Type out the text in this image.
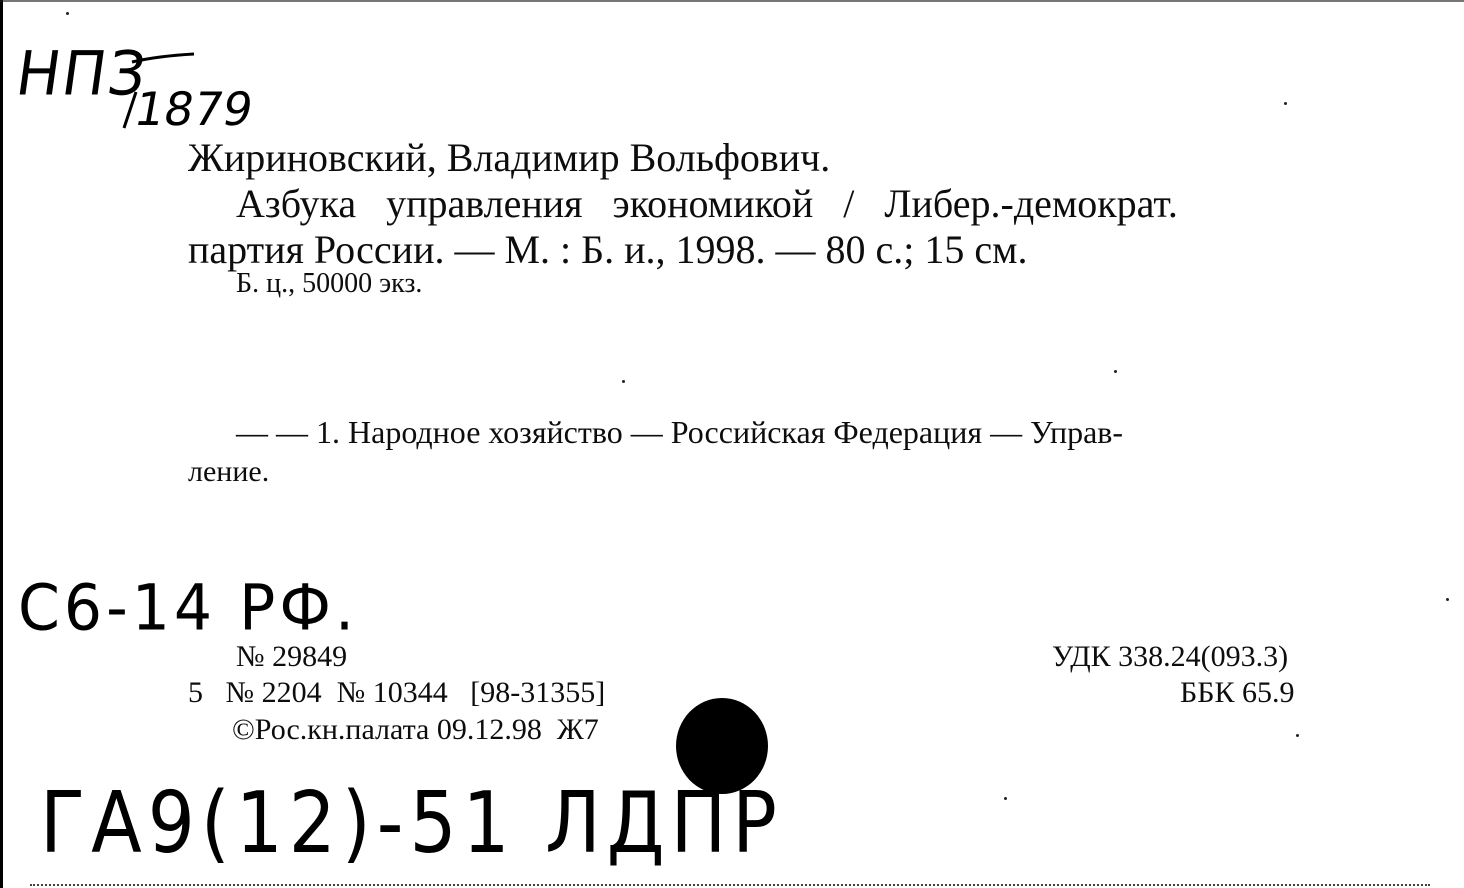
НПЗ
1879
Жириновский, Владимир Вольфович.
Азбука   управления   экономикой   /   Либер.-демократ.
партия России. — М. : Б. и., 1998. — 80 с.; 15 см.
Б. ц., 50000 экз.
— — 1. Народное хозяйство — Российская Федерация — Управ-
ление.
С6-14 РФ.
№ 29849
5   № 2204  № 10344   [98-31355]
©Рос.кн.палата 09.12.98  Ж7
УДК 338.24(093.3)
ББК 65.9
ГА9(12)-51 ЛДПР
